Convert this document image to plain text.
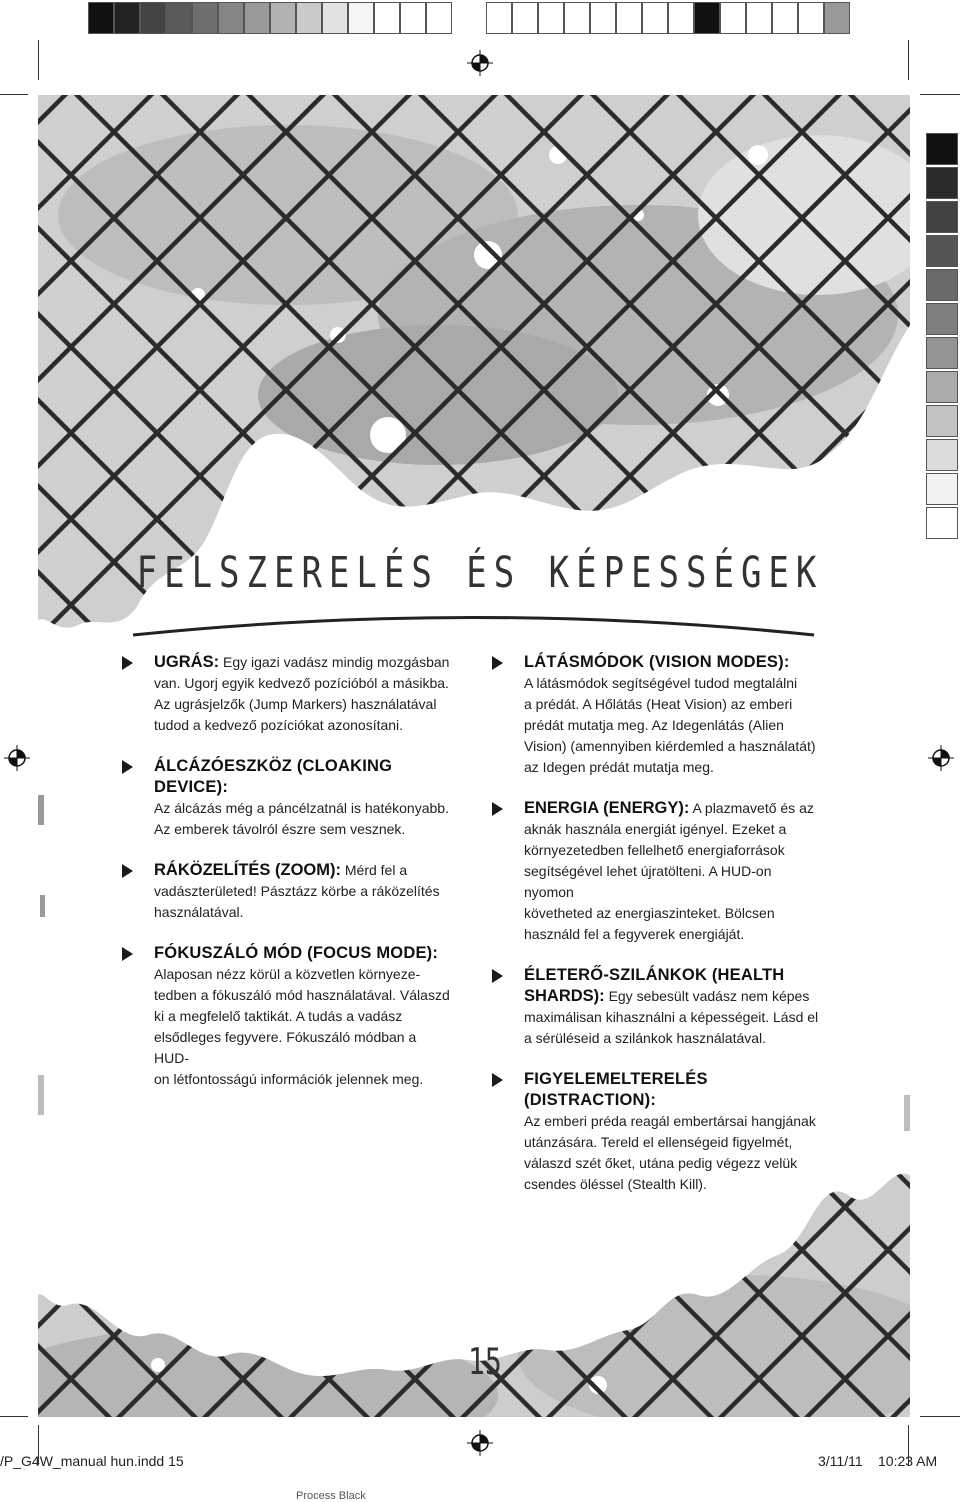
FELSZERELÉS ÉS KÉPESSÉGEK
UGRÁS: Egy igazi vadász mindig mozgásban
van. Ugorj egyik kedvező pozícióból a másikba.
Az ugrásjelzők (Jump Markers) használatával
tudod a kedvező pozíciókat azonosítani.
ÁLCÁZÓESZKÖZ (CLOAKING DEVICE):
Az álcázás még a páncélzatnál is hatékonyabb.
Az emberek távolról észre sem vesznek.
RÁKÖZELÍTÉS (ZOOM): Mérd fel a
vadászterületed! Pásztázz körbe a ráközelítés
használatával.
FÓKUSZÁLÓ MÓD (FOCUS MODE):
Alaposan nézz körül a közvetlen környeze-
tedben a fókuszáló mód használatával. Válaszd
ki a megfelelő taktikát. A tudás a vadász
elsődleges fegyvere. Fókuszáló módban a HUD-
on létfontosságú információk jelennek meg.
LÁTÁSMÓDOK (VISION MODES):
A látásmódok segítségével tudod megtalálni
a prédát. A Hőlátás (Heat Vision) az emberi
prédát mutatja meg. Az Idegenlátás (Alien
Vision) (amennyiben kiérdemled a használatát)
az Idegen prédát mutatja meg.
ENERGIA (ENERGY): A plazmavető és az
aknák használa energiát igényel. Ezeket a
környezetedben fellelhető energiaforrások
segítségével lehet újratölteni. A HUD-on nyomon
követheted az energiaszinteket. Bölcsen
használd fel a fegyverek energiáját.
ÉLETERŐ-SZILÁNKOK (HEALTH
SHARDS): Egy sebesült vadász nem képes
maximálisan kihasználni a képességeit. Lásd el
a sérüléseid a szilánkok használatával.
FIGYELEMELTERELÉS (DISTRACTION):
Az emberi préda reagál embertársai hangjának
utánzására. Tereld el ellenségeid figyelmét,
válaszd szét őket, utána pedig végezz velük
csendes öléssel (Stealth Kill).
15
/P_G4W_manual hun.indd 15	3/11/11 10:23 AM
Process Black
